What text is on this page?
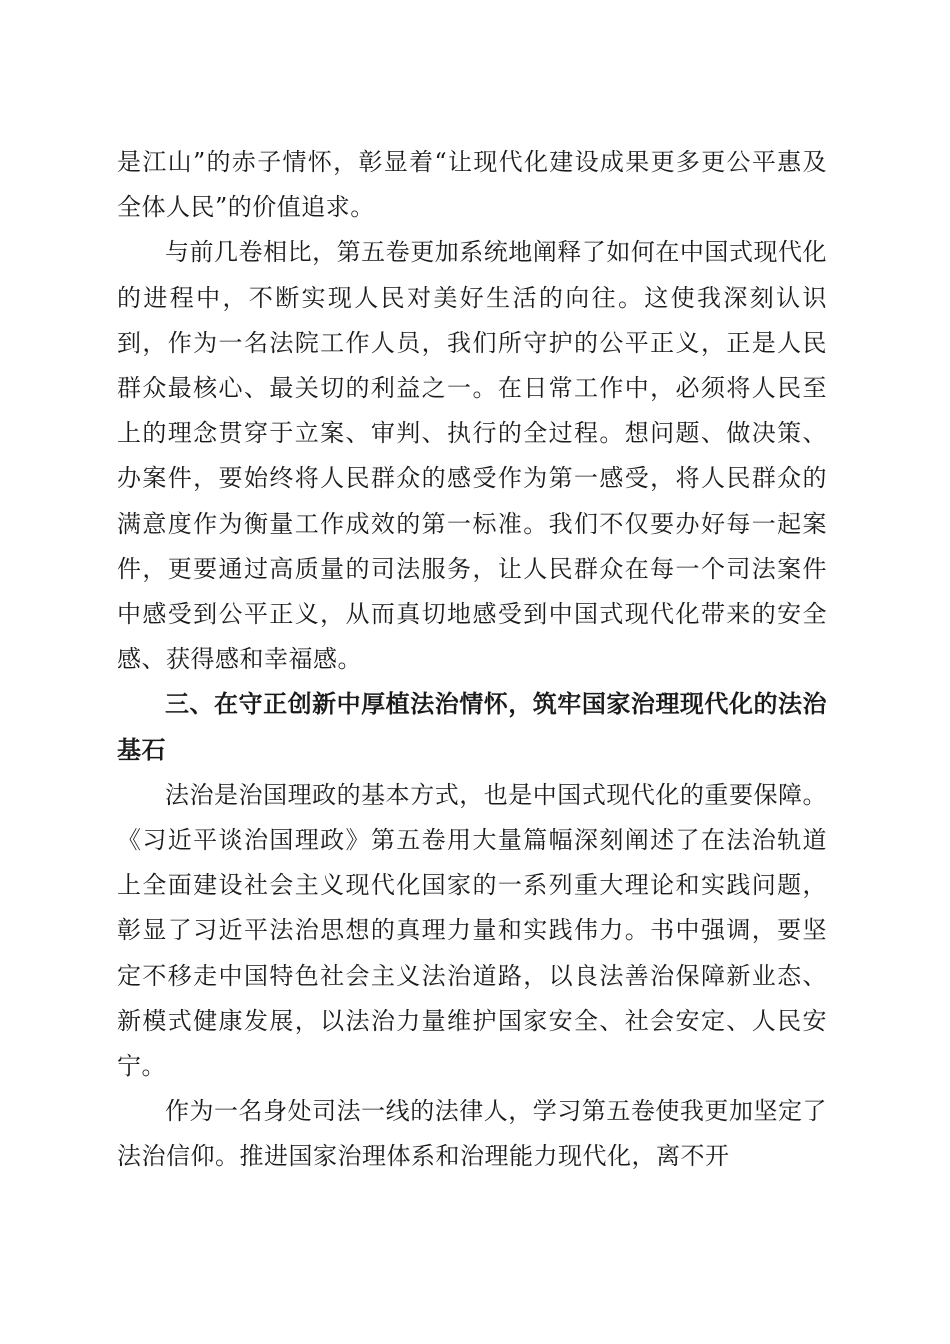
是江山”的赤子情怀，彰显着“让现代化建设成果更多更公平惠及全体人民”的价值追求。

与前几卷相比，第五卷更加系统地阐释了如何在中国式现代化的进程中，不断实现人民对美好生活的向往。这使我深刻认识到，作为一名法院工作人员，我们所守护的公平正义，正是人民群众最核心、最关切的利益之一。在日常工作中，必须将人民至上的理念贯穿于立案、审判、执行的全过程。想问题、做决策、办案件，要始终将人民群众的感受作为第一感受，将人民群众的满意度作为衡量工作成效的第一标准。我们不仅要办好每一起案件，更要通过高质量的司法服务，让人民群众在每一个司法案件中感受到公平正义，从而真切地感受到中国式现代化带来的安全感、获得感和幸福感。

三、在守正创新中厚植法治情怀，筑牢国家治理现代化的法治基石

法治是治国理政的基本方式，也是中国式现代化的重要保障。《习近平谈治国理政》第五卷用大量篇幅深刻阐述了在法治轨道上全面建设社会主义现代化国家的一系列重大理论和实践问题，彰显了习近平法治思想的真理力量和实践伟力。书中强调，要坚定不移走中国特色社会主义法治道路，以良法善治保障新业态、新模式健康发展，以法治力量维护国家安全、社会安定、人民安宁。

作为一名身处司法一线的法律人，学习第五卷使我更加坚定了法治信仰。推进国家治理体系和治理能力现代化，离不开
